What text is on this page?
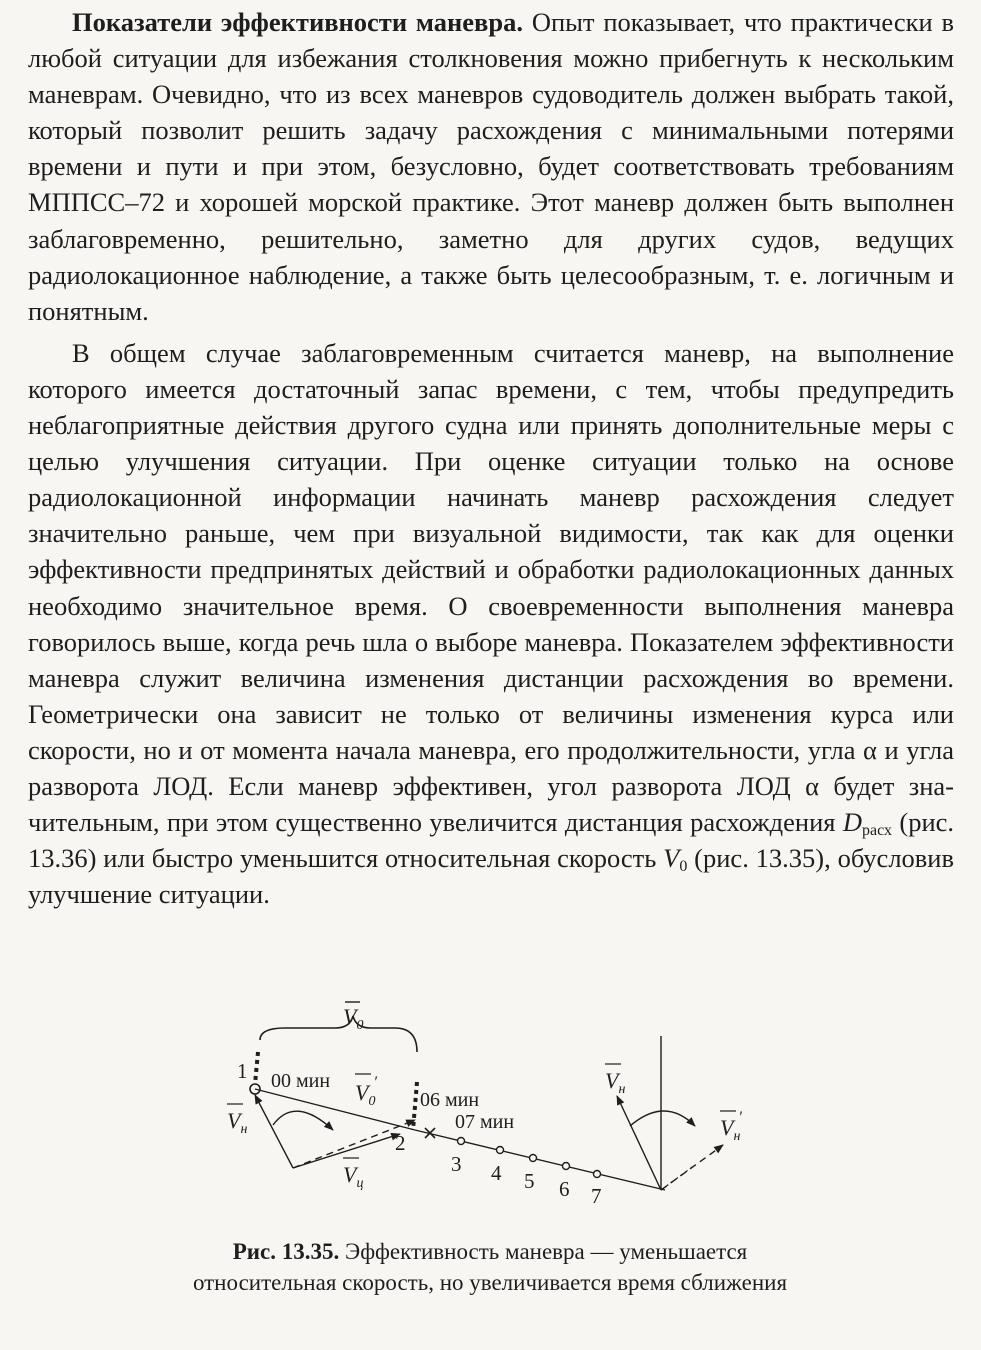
Показатели эффективности маневра. Опыт показывает, что практически в любой ситуации для избежания столкновения можно прибегнуть к нескольким маневрам. Очевидно, что из всех маневров судоводитель должен выбрать такой, который позволит решить задачу расхождения с минимальными потерями времени и пути и при этом, безусловно, будет соответствовать требованиям МППСС–72 и хорошей морской практике. Этот маневр должен быть выполнен заблаговременно, решительно, заметно для других судов, ведущих радиолокационное наблюдение, а также быть целесообразным, т. е. логичным и понятным.

В общем случае заблаговременным считается маневр, на выполнение которого имеется достаточный запас времени, с тем, чтобы предупредить неблагоприятные действия другого судна или принять дополнительные меры с целью улучшения ситуации. При оценке ситуации только на основе радиолокационной информации начинать маневр расхождения следует значительно раньше, чем при визуальной видимости, так как для оценки эффективности предпринятых действий и обработки радиолокационных данных необходимо значительное время. О своевременности выполнения маневра говорилось выше, когда речь шла о выборе маневра. Показателем эффективности маневра служит величина изменения дистанции расхождения во времени. Геометрически она зависит не только от величины изменения курса или скорости, но и от момента начала маневра, его продолжительности, угла α и угла разворота ЛОД. Если маневр эффективен, угол разворота ЛОД α будет значительным, при этом существенно увеличится дистанция расхождения $D_{расх}$ (рис. 13.36) или быстро уменьшится относительная скорость $V_0$ (рис. 13.35), обусловив улучшение ситуации.

$V_0$
1
$V_0'$
$V_н$
$V_ц$
00 мин
06 мин
07 мин
2
3 4 5 6 7
$V_н$
$V_н'$
Рис. 13.35. Эффективность маневра — уменьшается
относительная скорость, но увеличивается время сближения
